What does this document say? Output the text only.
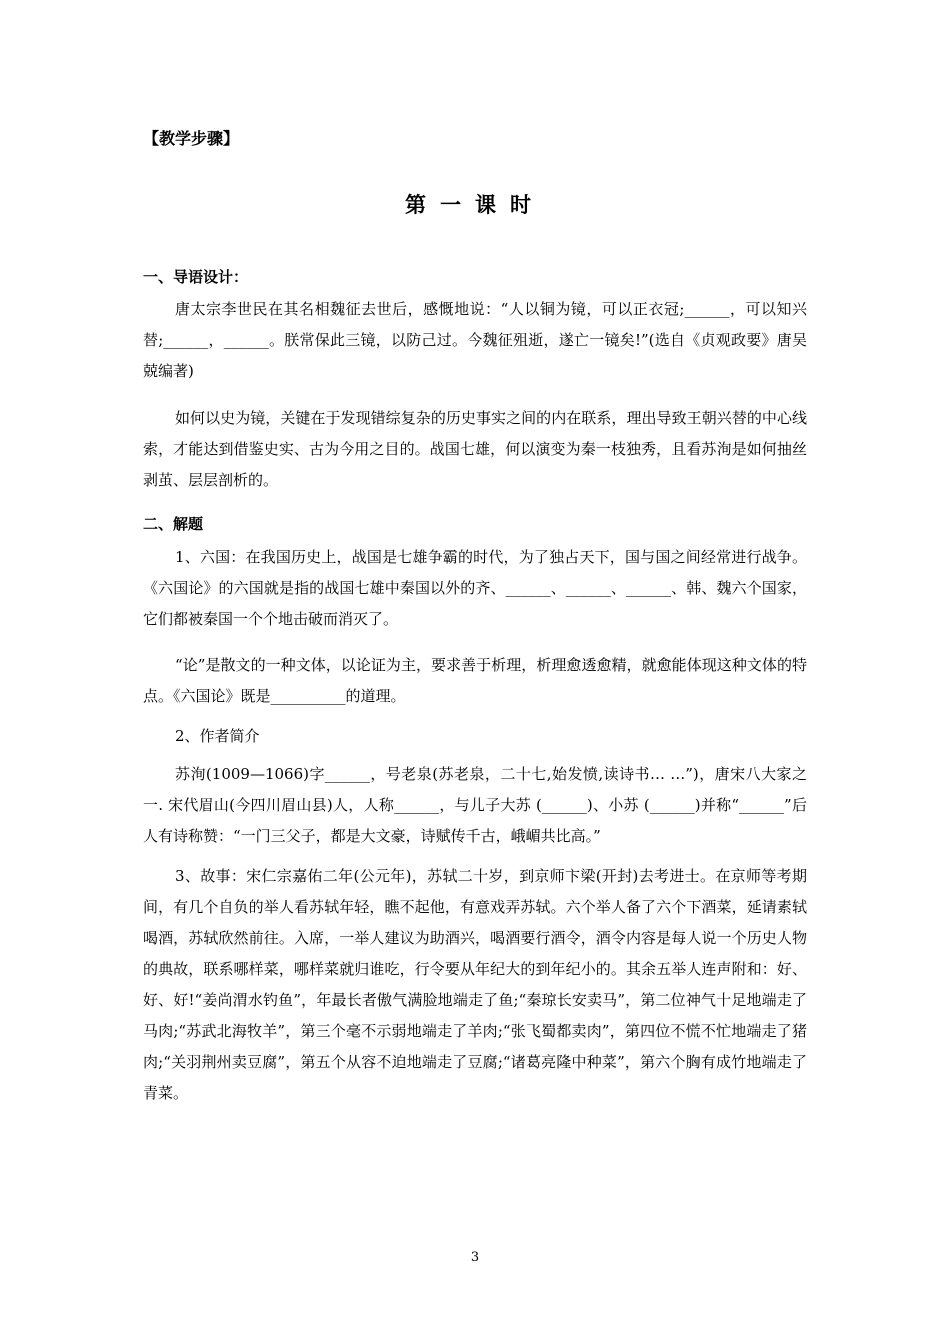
【教学步骤】
第一课时
一、导语设计：
唐太宗李世民在其名相魏征去世后，感慨地说：“人以铜为镜，可以正衣冠;______，可以知兴替;______，______。朕常保此三镜，以防己过。今魏征殂逝，遂亡一镜矣!”(选自《贞观政要》唐吴兢编著)
如何以史为镜，关键在于发现错综复杂的历史事实之间的内在联系，理出导致王朝兴替的中心线索，才能达到借鉴史实、古为今用之目的。战国七雄，何以演变为秦一枝独秀，且看苏洵是如何抽丝剥茧、层层剖析的。
二、解题
1、六国：在我国历史上，战国是七雄争霸的时代，为了独占天下，国与国之间经常进行战争。《六国论》的六国就是指的战国七雄中秦国以外的齐、______、______、______、韩、魏六个国家，它们都被秦国一个个地击破而消灭了。
“论”是散文的一种文体，以论证为主，要求善于析理，析理愈透愈精，就愈能体现这种文体的特点。《六国论》既是__________的道理。
2、作者简介
苏洵(1009—1066)字______，号老泉(苏老泉，二十七,始发愤,读诗书… …”)，唐宋八大家之一. 宋代眉山(今四川眉山县)人，人称______，与儿子大苏 (______)、小苏 (______)并称“______”后人有诗称赞：“一门三父子，都是大文豪，诗赋传千古，峨嵋共比高。”
3、故事：宋仁宗嘉佑二年(公元年)，苏轼二十岁，到京师卞梁(开封)去考进士。在京师等考期间，有几个自负的举人看苏轼年轻，瞧不起他，有意戏弄苏轼。六个举人备了六个下酒菜，延请素轼喝酒，苏轼欣然前往。入席，一举人建议为助酒兴，喝酒要行酒令，酒令内容是每人说一个历史人物的典故，联系哪样菜，哪样菜就归谁吃，行令要从年纪大的到年纪小的。其余五举人连声附和：好、好、好!“姜尚渭水钓鱼”，年最长者傲气满脸地端走了鱼;“秦琼长安卖马”，第二位神气十足地端走了马肉;“苏武北海牧羊”，第三个毫不示弱地端走了羊肉;“张飞蜀都卖肉”，第四位不慌不忙地端走了猪肉;“关羽荆州卖豆腐”，第五个从容不迫地端走了豆腐;“诸葛亮隆中种菜”，第六个胸有成竹地端走了青菜。
3
